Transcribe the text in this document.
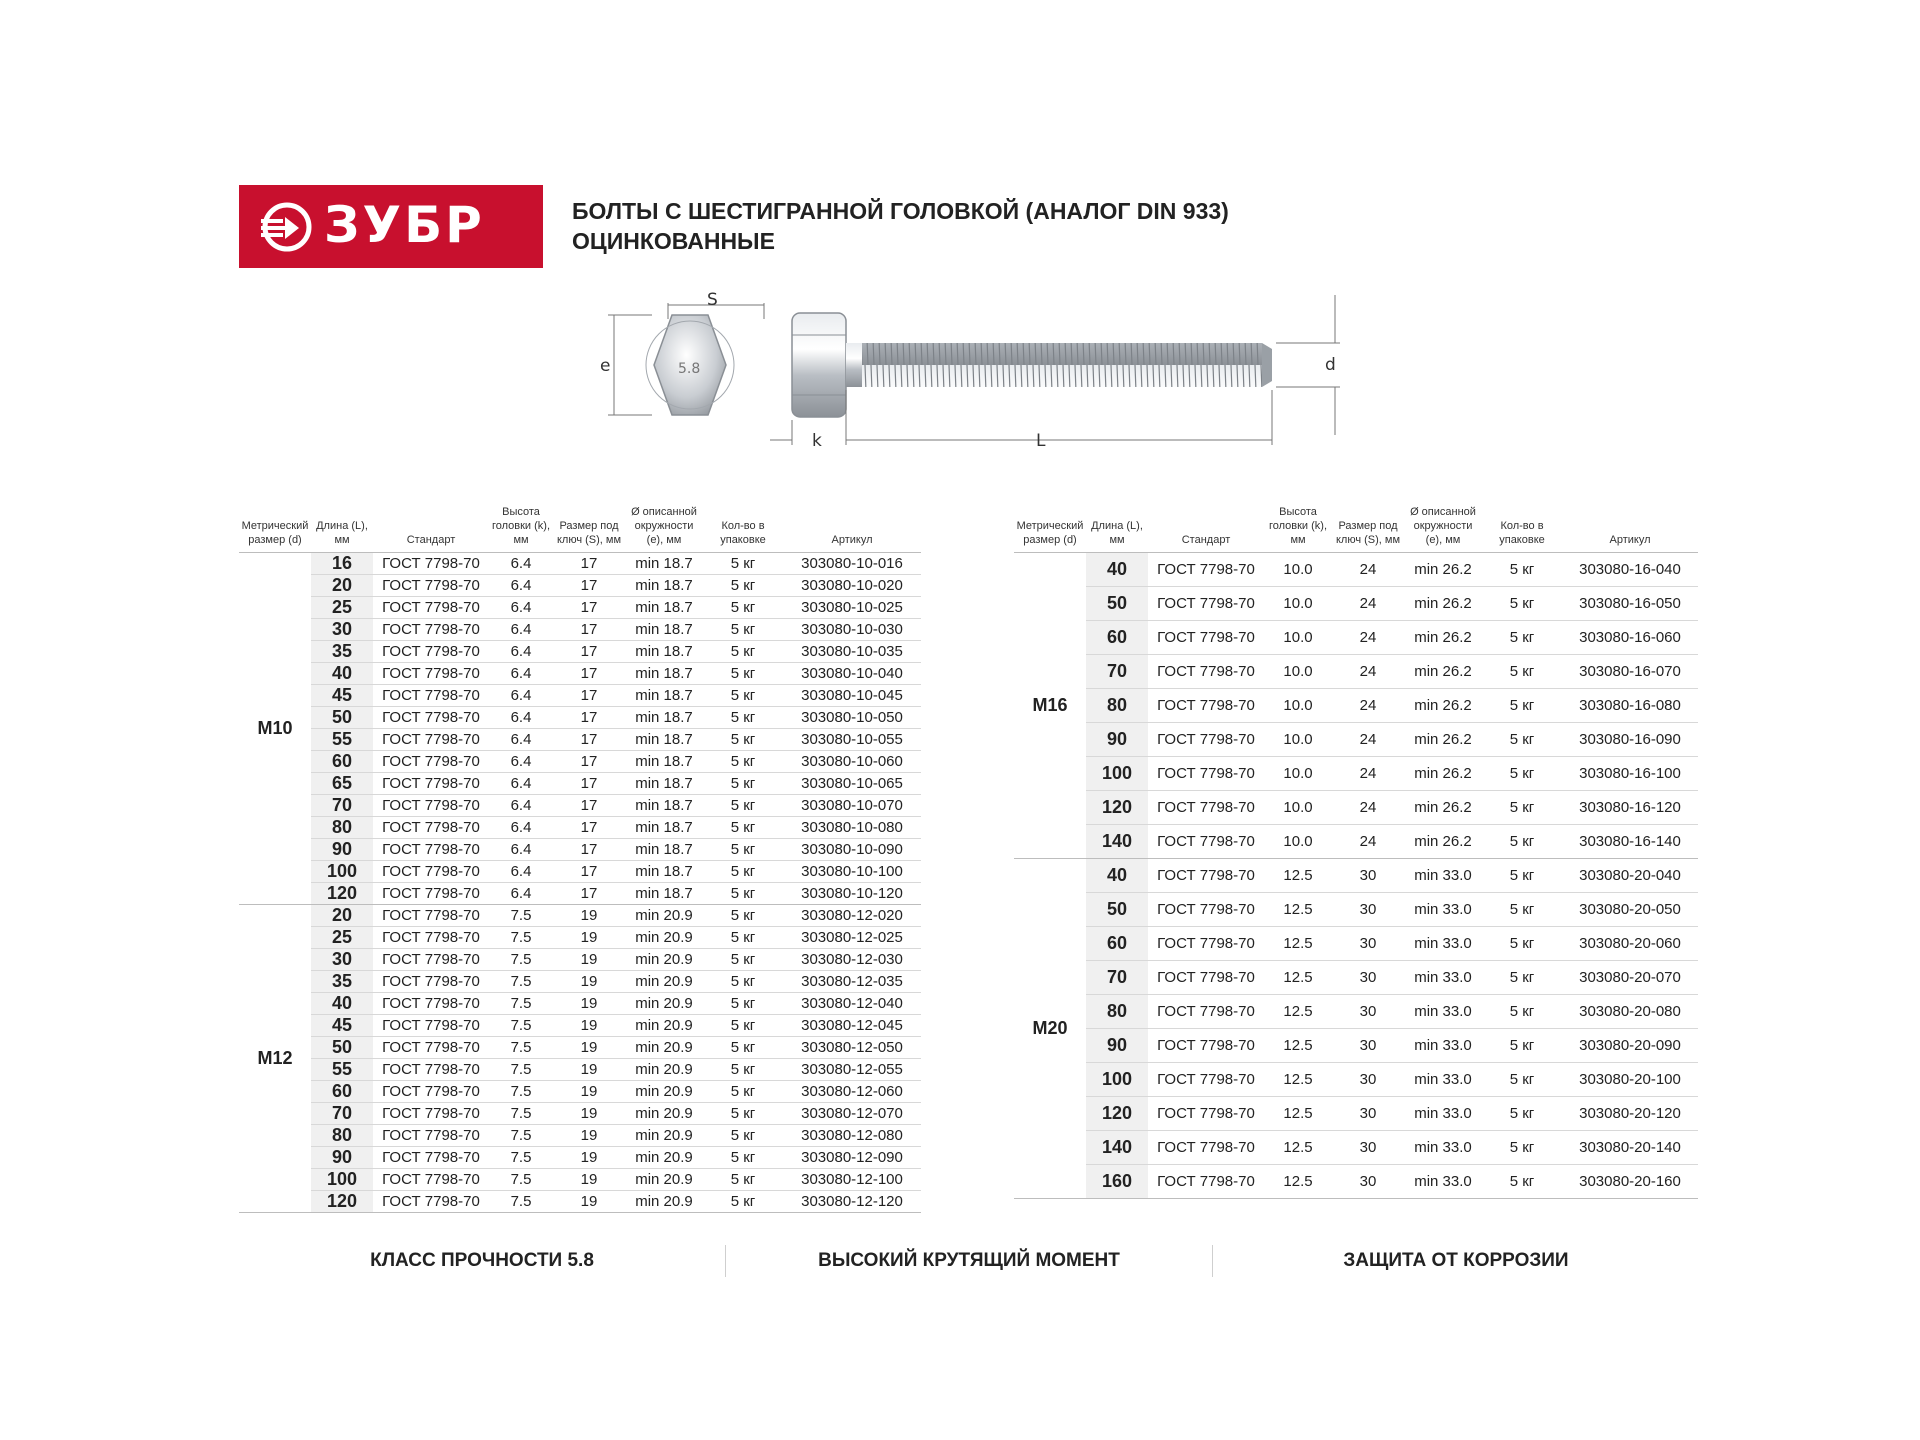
ЗУБР	БОЛТЫ С ШЕСТИГРАННОЙ ГОЛОВКОЙ (АНАЛОГ DIN 933)
ОЦИНКОВАННЫЕ
5.8
S
e
k	L
d
Метрический размер (d)	Длина (L), мм	Стандарт	Высота головки (k), мм	Размер под ключ (S), мм	Ø описанной окружности (e), мм	Кол-во в упаковке	Артикул
M10	16	ГОСТ 7798-70	6.4	17	min 18.7	5 кг	303080-10-016
	20	ГОСТ 7798-70	6.4	17	min 18.7	5 кг	303080-10-020
	25	ГОСТ 7798-70	6.4	17	min 18.7	5 кг	303080-10-025
	30	ГОСТ 7798-70	6.4	17	min 18.7	5 кг	303080-10-030
	35	ГОСТ 7798-70	6.4	17	min 18.7	5 кг	303080-10-035
	40	ГОСТ 7798-70	6.4	17	min 18.7	5 кг	303080-10-040
	45	ГОСТ 7798-70	6.4	17	min 18.7	5 кг	303080-10-045
	50	ГОСТ 7798-70	6.4	17	min 18.7	5 кг	303080-10-050
	55	ГОСТ 7798-70	6.4	17	min 18.7	5 кг	303080-10-055
	60	ГОСТ 7798-70	6.4	17	min 18.7	5 кг	303080-10-060
	65	ГОСТ 7798-70	6.4	17	min 18.7	5 кг	303080-10-065
	70	ГОСТ 7798-70	6.4	17	min 18.7	5 кг	303080-10-070
	80	ГОСТ 7798-70	6.4	17	min 18.7	5 кг	303080-10-080
	90	ГОСТ 7798-70	6.4	17	min 18.7	5 кг	303080-10-090
	100	ГОСТ 7798-70	6.4	17	min 18.7	5 кг	303080-10-100
	120	ГОСТ 7798-70	6.4	17	min 18.7	5 кг	303080-10-120
M12	20	ГОСТ 7798-70	7.5	19	min 20.9	5 кг	303080-12-020
	25	ГОСТ 7798-70	7.5	19	min 20.9	5 кг	303080-12-025
	30	ГОСТ 7798-70	7.5	19	min 20.9	5 кг	303080-12-030
	35	ГОСТ 7798-70	7.5	19	min 20.9	5 кг	303080-12-035
	40	ГОСТ 7798-70	7.5	19	min 20.9	5 кг	303080-12-040
	45	ГОСТ 7798-70	7.5	19	min 20.9	5 кг	303080-12-045
	50	ГОСТ 7798-70	7.5	19	min 20.9	5 кг	303080-12-050
	55	ГОСТ 7798-70	7.5	19	min 20.9	5 кг	303080-12-055
	60	ГОСТ 7798-70	7.5	19	min 20.9	5 кг	303080-12-060
	70	ГОСТ 7798-70	7.5	19	min 20.9	5 кг	303080-12-070
	80	ГОСТ 7798-70	7.5	19	min 20.9	5 кг	303080-12-080
	90	ГОСТ 7798-70	7.5	19	min 20.9	5 кг	303080-12-090
	100	ГОСТ 7798-70	7.5	19	min 20.9	5 кг	303080-12-100
	120	ГОСТ 7798-70	7.5	19	min 20.9	5 кг	303080-12-120
Метрический размер (d)	Длина (L), мм	Стандарт	Высота головки (k), мм	Размер под ключ (S), мм	Ø описанной окружности (e), мм	Кол-во в упаковке	Артикул
M16	40	ГОСТ 7798-70	10.0	24	min 26.2	5 кг	303080-16-040
	50	ГОСТ 7798-70	10.0	24	min 26.2	5 кг	303080-16-050
	60	ГОСТ 7798-70	10.0	24	min 26.2	5 кг	303080-16-060
	70	ГОСТ 7798-70	10.0	24	min 26.2	5 кг	303080-16-070
	80	ГОСТ 7798-70	10.0	24	min 26.2	5 кг	303080-16-080
	90	ГОСТ 7798-70	10.0	24	min 26.2	5 кг	303080-16-090
	100	ГОСТ 7798-70	10.0	24	min 26.2	5 кг	303080-16-100
	120	ГОСТ 7798-70	10.0	24	min 26.2	5 кг	303080-16-120
	140	ГОСТ 7798-70	10.0	24	min 26.2	5 кг	303080-16-140
M20	40	ГОСТ 7798-70	12.5	30	min 33.0	5 кг	303080-20-040
	50	ГОСТ 7798-70	12.5	30	min 33.0	5 кг	303080-20-050
	60	ГОСТ 7798-70	12.5	30	min 33.0	5 кг	303080-20-060
	70	ГОСТ 7798-70	12.5	30	min 33.0	5 кг	303080-20-070
	80	ГОСТ 7798-70	12.5	30	min 33.0	5 кг	303080-20-080
	90	ГОСТ 7798-70	12.5	30	min 33.0	5 кг	303080-20-090
	100	ГОСТ 7798-70	12.5	30	min 33.0	5 кг	303080-20-100
	120	ГОСТ 7798-70	12.5	30	min 33.0	5 кг	303080-20-120
	140	ГОСТ 7798-70	12.5	30	min 33.0	5 кг	303080-20-140
	160	ГОСТ 7798-70	12.5	30	min 33.0	5 кг	303080-20-160
КЛАСС ПРОЧНОСТИ 5.8	ВЫСОКИЙ КРУТЯЩИЙ МОМЕНТ	ЗАЩИТА ОТ КОРРОЗИИ
